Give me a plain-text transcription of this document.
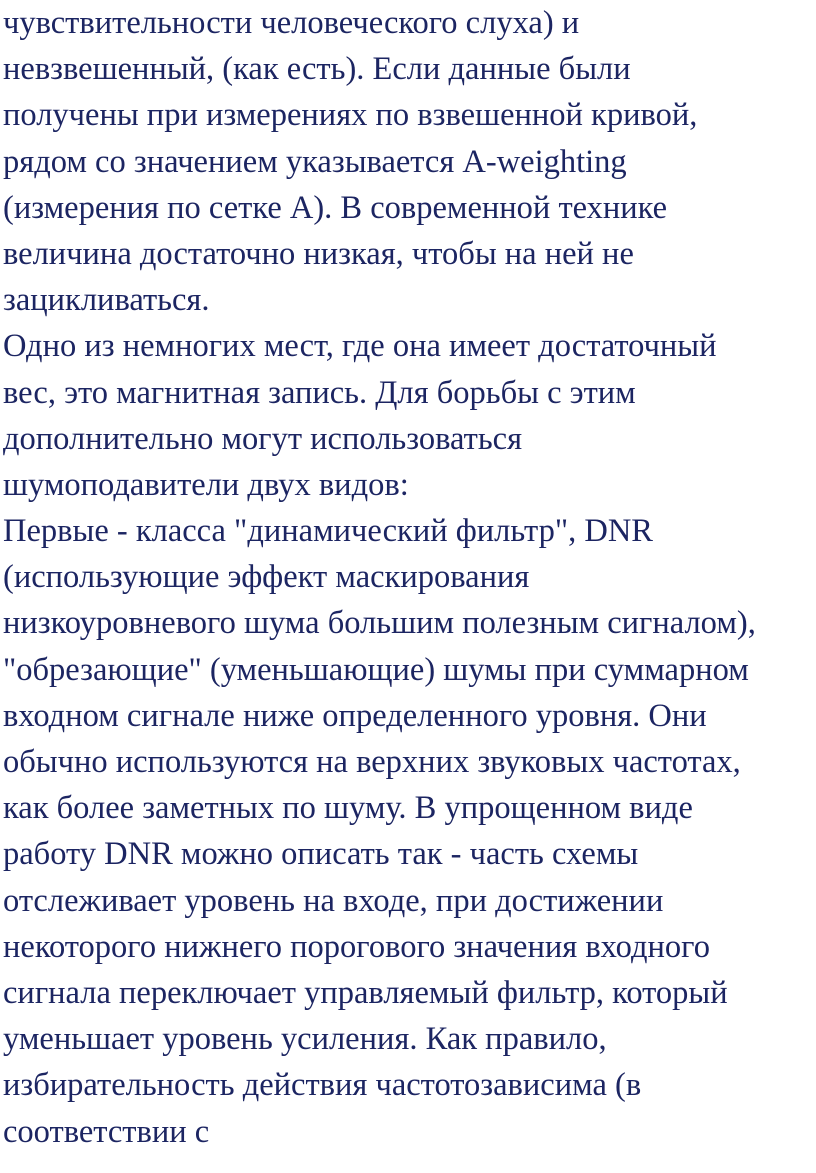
чувствительности человеческого слуха) и

невзвешенный, (как есть). Если данные были

получены при измерениях по взвешенной кривой,

рядом со значением указывается A-weighting

(измерения по сетке А). В современной технике

величина достаточно низкая, чтобы на ней не

зацикливаться.

Одно из немногих мест, где она имеет достаточный

вес, это магнитная запись. Для борьбы с этим

дополнительно могут использоваться

шумоподавители двух видов:

Первые - класса "динамический фильтр", DNR

(использующие эффект маскирования

низкоуровневого шума большим полезным сигналом),

"обрезающие" (уменьшающие) шумы при суммарном

входном сигнале ниже определенного уровня. Они

обычно используются на верхних звуковых частотах,

как более заметных по шуму. В упрощенном виде

работу DNR можно описать так - часть схемы

отслеживает уровень на входе, при достижении

некоторого нижнего порогового значения входного

сигнала переключает управляемый фильтр, который

уменьшает уровень усиления. Как правило,

избирательность действия частотозависима (в

соответствии с
